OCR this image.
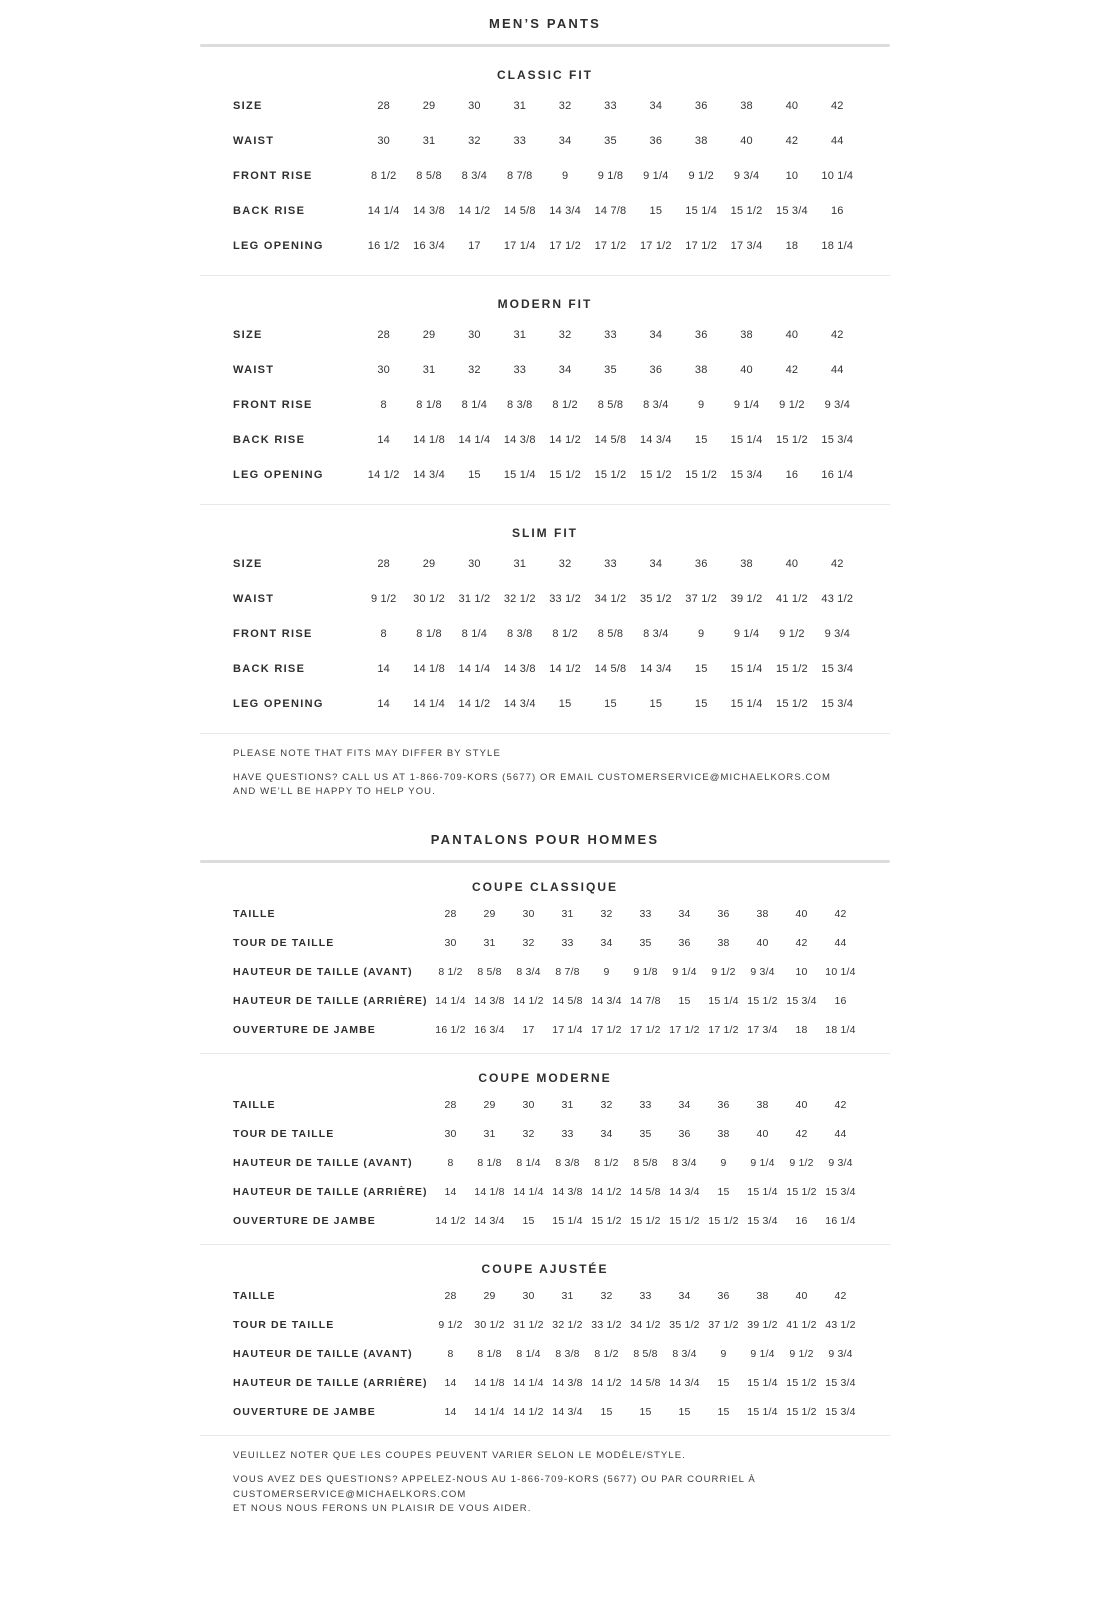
MEN’S PANTS
CLASSIC FIT
SIZE	28	29	30	31	32	33	34	36	38	40	42
WAIST	30	31	32	33	34	35	36	38	40	42	44
FRONT RISE	8 1/2	8 5/8	8 3/4	8 7/8	9	9 1/8	9 1/4	9 1/2	9 3/4	10	10 1/4
BACK RISE	14 1/4	14 3/8	14 1/2	14 5/8	14 3/4	14 7/8	15	15 1/4	15 1/2	15 3/4	16
LEG OPENING	16 1/2	16 3/4	17	17 1/4	17 1/2	17 1/2	17 1/2	17 1/2	17 3/4	18	18 1/4
MODERN FIT
SIZE	28	29	30	31	32	33	34	36	38	40	42
WAIST	30	31	32	33	34	35	36	38	40	42	44
FRONT RISE	8	8 1/8	8 1/4	8 3/8	8 1/2	8 5/8	8 3/4	9	9 1/4	9 1/2	9 3/4
BACK RISE	14	14 1/8	14 1/4	14 3/8	14 1/2	14 5/8	14 3/4	15	15 1/4	15 1/2	15 3/4
LEG OPENING	14 1/2	14 3/4	15	15 1/4	15 1/2	15 1/2	15 1/2	15 1/2	15 3/4	16	16 1/4
SLIM FIT
SIZE	28	29	30	31	32	33	34	36	38	40	42
WAIST	9 1/2	30 1/2	31 1/2	32 1/2	33 1/2	34 1/2	35 1/2	37 1/2	39 1/2	41 1/2	43 1/2
FRONT RISE	8	8 1/8	8 1/4	8 3/8	8 1/2	8 5/8	8 3/4	9	9 1/4	9 1/2	9 3/4
BACK RISE	14	14 1/8	14 1/4	14 3/8	14 1/2	14 5/8	14 3/4	15	15 1/4	15 1/2	15 3/4
LEG OPENING	14	14 1/4	14 1/2	14 3/4	15	15	15	15	15 1/4	15 1/2	15 3/4

PLEASE NOTE THAT FITS MAY DIFFER BY STYLE

HAVE QUESTIONS? CALL US AT 1-866-709-KORS (5677) OR EMAIL CUSTOMERSERVICE@MICHAELKORS.COM
AND WE’LL BE HAPPY TO HELP YOU.

PANTALONS POUR HOMMES
COUPE CLASSIQUE
TAILLE	28	29	30	31	32	33	34	36	38	40	42
TOUR DE TAILLE	30	31	32	33	34	35	36	38	40	42	44
HAUTEUR DE TAILLE (AVANT)	8 1/2	8 5/8	8 3/4	8 7/8	9	9 1/8	9 1/4	9 1/2	9 3/4	10	10 1/4
HAUTEUR DE TAILLE (ARRIÈRE)	14 1/4	14 3/8	14 1/2	14 5/8	14 3/4	14 7/8	15	15 1/4	15 1/2	15 3/4	16
OUVERTURE DE JAMBE	16 1/2	16 3/4	17	17 1/4	17 1/2	17 1/2	17 1/2	17 1/2	17 3/4	18	18 1/4
COUPE MODERNE
TAILLE	28	29	30	31	32	33	34	36	38	40	42
TOUR DE TAILLE	30	31	32	33	34	35	36	38	40	42	44
HAUTEUR DE TAILLE (AVANT)	8	8 1/8	8 1/4	8 3/8	8 1/2	8 5/8	8 3/4	9	9 1/4	9 1/2	9 3/4
HAUTEUR DE TAILLE (ARRIÈRE)	14	14 1/8	14 1/4	14 3/8	14 1/2	14 5/8	14 3/4	15	15 1/4	15 1/2	15 3/4
OUVERTURE DE JAMBE	14 1/2	14 3/4	15	15 1/4	15 1/2	15 1/2	15 1/2	15 1/2	15 3/4	16	16 1/4
COUPE AJUSTÉE
TAILLE	28	29	30	31	32	33	34	36	38	40	42
TOUR DE TAILLE	9 1/2	30 1/2	31 1/2	32 1/2	33 1/2	34 1/2	35 1/2	37 1/2	39 1/2	41 1/2	43 1/2
HAUTEUR DE TAILLE (AVANT)	8	8 1/8	8 1/4	8 3/8	8 1/2	8 5/8	8 3/4	9	9 1/4	9 1/2	9 3/4
HAUTEUR DE TAILLE (ARRIÈRE)	14	14 1/8	14 1/4	14 3/8	14 1/2	14 5/8	14 3/4	15	15 1/4	15 1/2	15 3/4
OUVERTURE DE JAMBE	14	14 1/4	14 1/2	14 3/4	15	15	15	15	15 1/4	15 1/2	15 3/4

VEUILLEZ NOTER QUE LES COUPES PEUVENT VARIER SELON LE MODÈLE/STYLE.

VOUS AVEZ DES QUESTIONS? APPELEZ-NOUS AU 1-866-709-KORS (5677) OU PAR COURRIEL À CUSTOMERSERVICE@MICHAELKORS.COM
ET NOUS NOUS FERONS UN PLAISIR DE VOUS AIDER.
